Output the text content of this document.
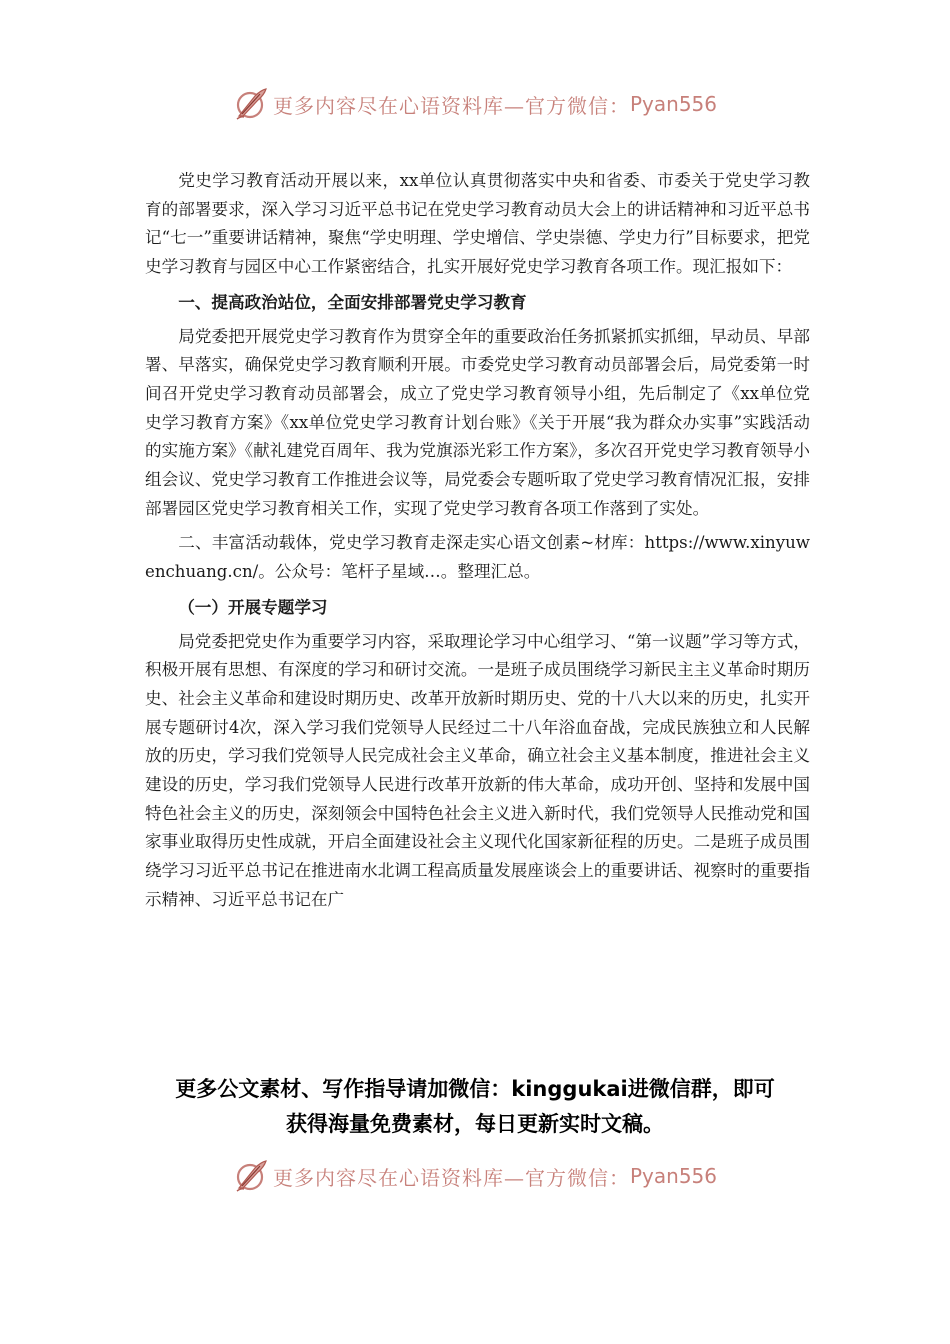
更多内容尽在心语资料库—官方微信： Pyan556

党史学习教育活动开展以来，xx单位认真贯彻落实中央和省委、市委关于党史学习教育的部署要求，深入学习习近平总书记在党史学习教育动员大会上的讲话精神和习近平总书记“七一”重要讲话精神，聚焦“学史明理、学史增信、学史崇德、学史力行”目标要求，把党史学习教育与园区中心工作紧密结合，扎实开展好党史学习教育各项工作。现汇报如下：

一、提高政治站位，全面安排部署党史学习教育

局党委把开展党史学习教育作为贯穿全年的重要政治任务抓紧抓实抓细，早动员、早部署、早落实，确保党史学习教育顺利开展。市委党史学习教育动员部署会后，局党委第一时间召开党史学习教育动员部署会，成立了党史学习教育领导小组，先后制定了《xx单位党史学习教育方案》《xx单位党史学习教育计划台账》《关于开展“我为群众办实事”实践活动的实施方案》《献礼建党百周年、我为党旗添光彩工作方案》，多次召开党史学习教育领导小组会议、党史学习教育工作推进会议等，局党委会专题听取了党史学习教育情况汇报，安排部署园区党史学习教育相关工作，实现了党史学习教育各项工作落到了实处。

二、丰富活动载体，党史学习教育走深走实心语文创素~材库：https://www.xinyuwenchuang.cn/。公众号：笔杆子星域…。整理汇总。

（一）开展专题学习

局党委把党史作为重要学习内容，采取理论学习中心组学习、“第一议题”学习等方式，积极开展有思想、有深度的学习和研讨交流。一是班子成员围绕学习新民主主义革命时期历史、社会主义革命和建设时期历史、改革开放新时期历史、党的十八大以来的历史，扎实开展专题研讨4次，深入学习我们党领导人民经过二十八年浴血奋战，完成民族独立和人民解放的历史，学习我们党领导人民完成社会主义革命，确立社会主义基本制度，推进社会主义建设的历史，学习我们党领导人民进行改革开放新的伟大革命，成功开创、坚持和发展中国特色社会主义的历史，深刻领会中国特色社会主义进入新时代，我们党领导人民推动党和国家事业取得历史性成就，开启全面建设社会主义现代化国家新征程的历史。二是班子成员围绕学习习近平总书记在推进南水北调工程高质量发展座谈会上的重要讲话、视察时的重要指示精神、习近平总书记在广

更多公文素材、写作指导请加微信：kinggukai进微信群，即可
获得海量免费素材，每日更新实时文稿。
更多内容尽在心语资料库—官方微信： Pyan556
